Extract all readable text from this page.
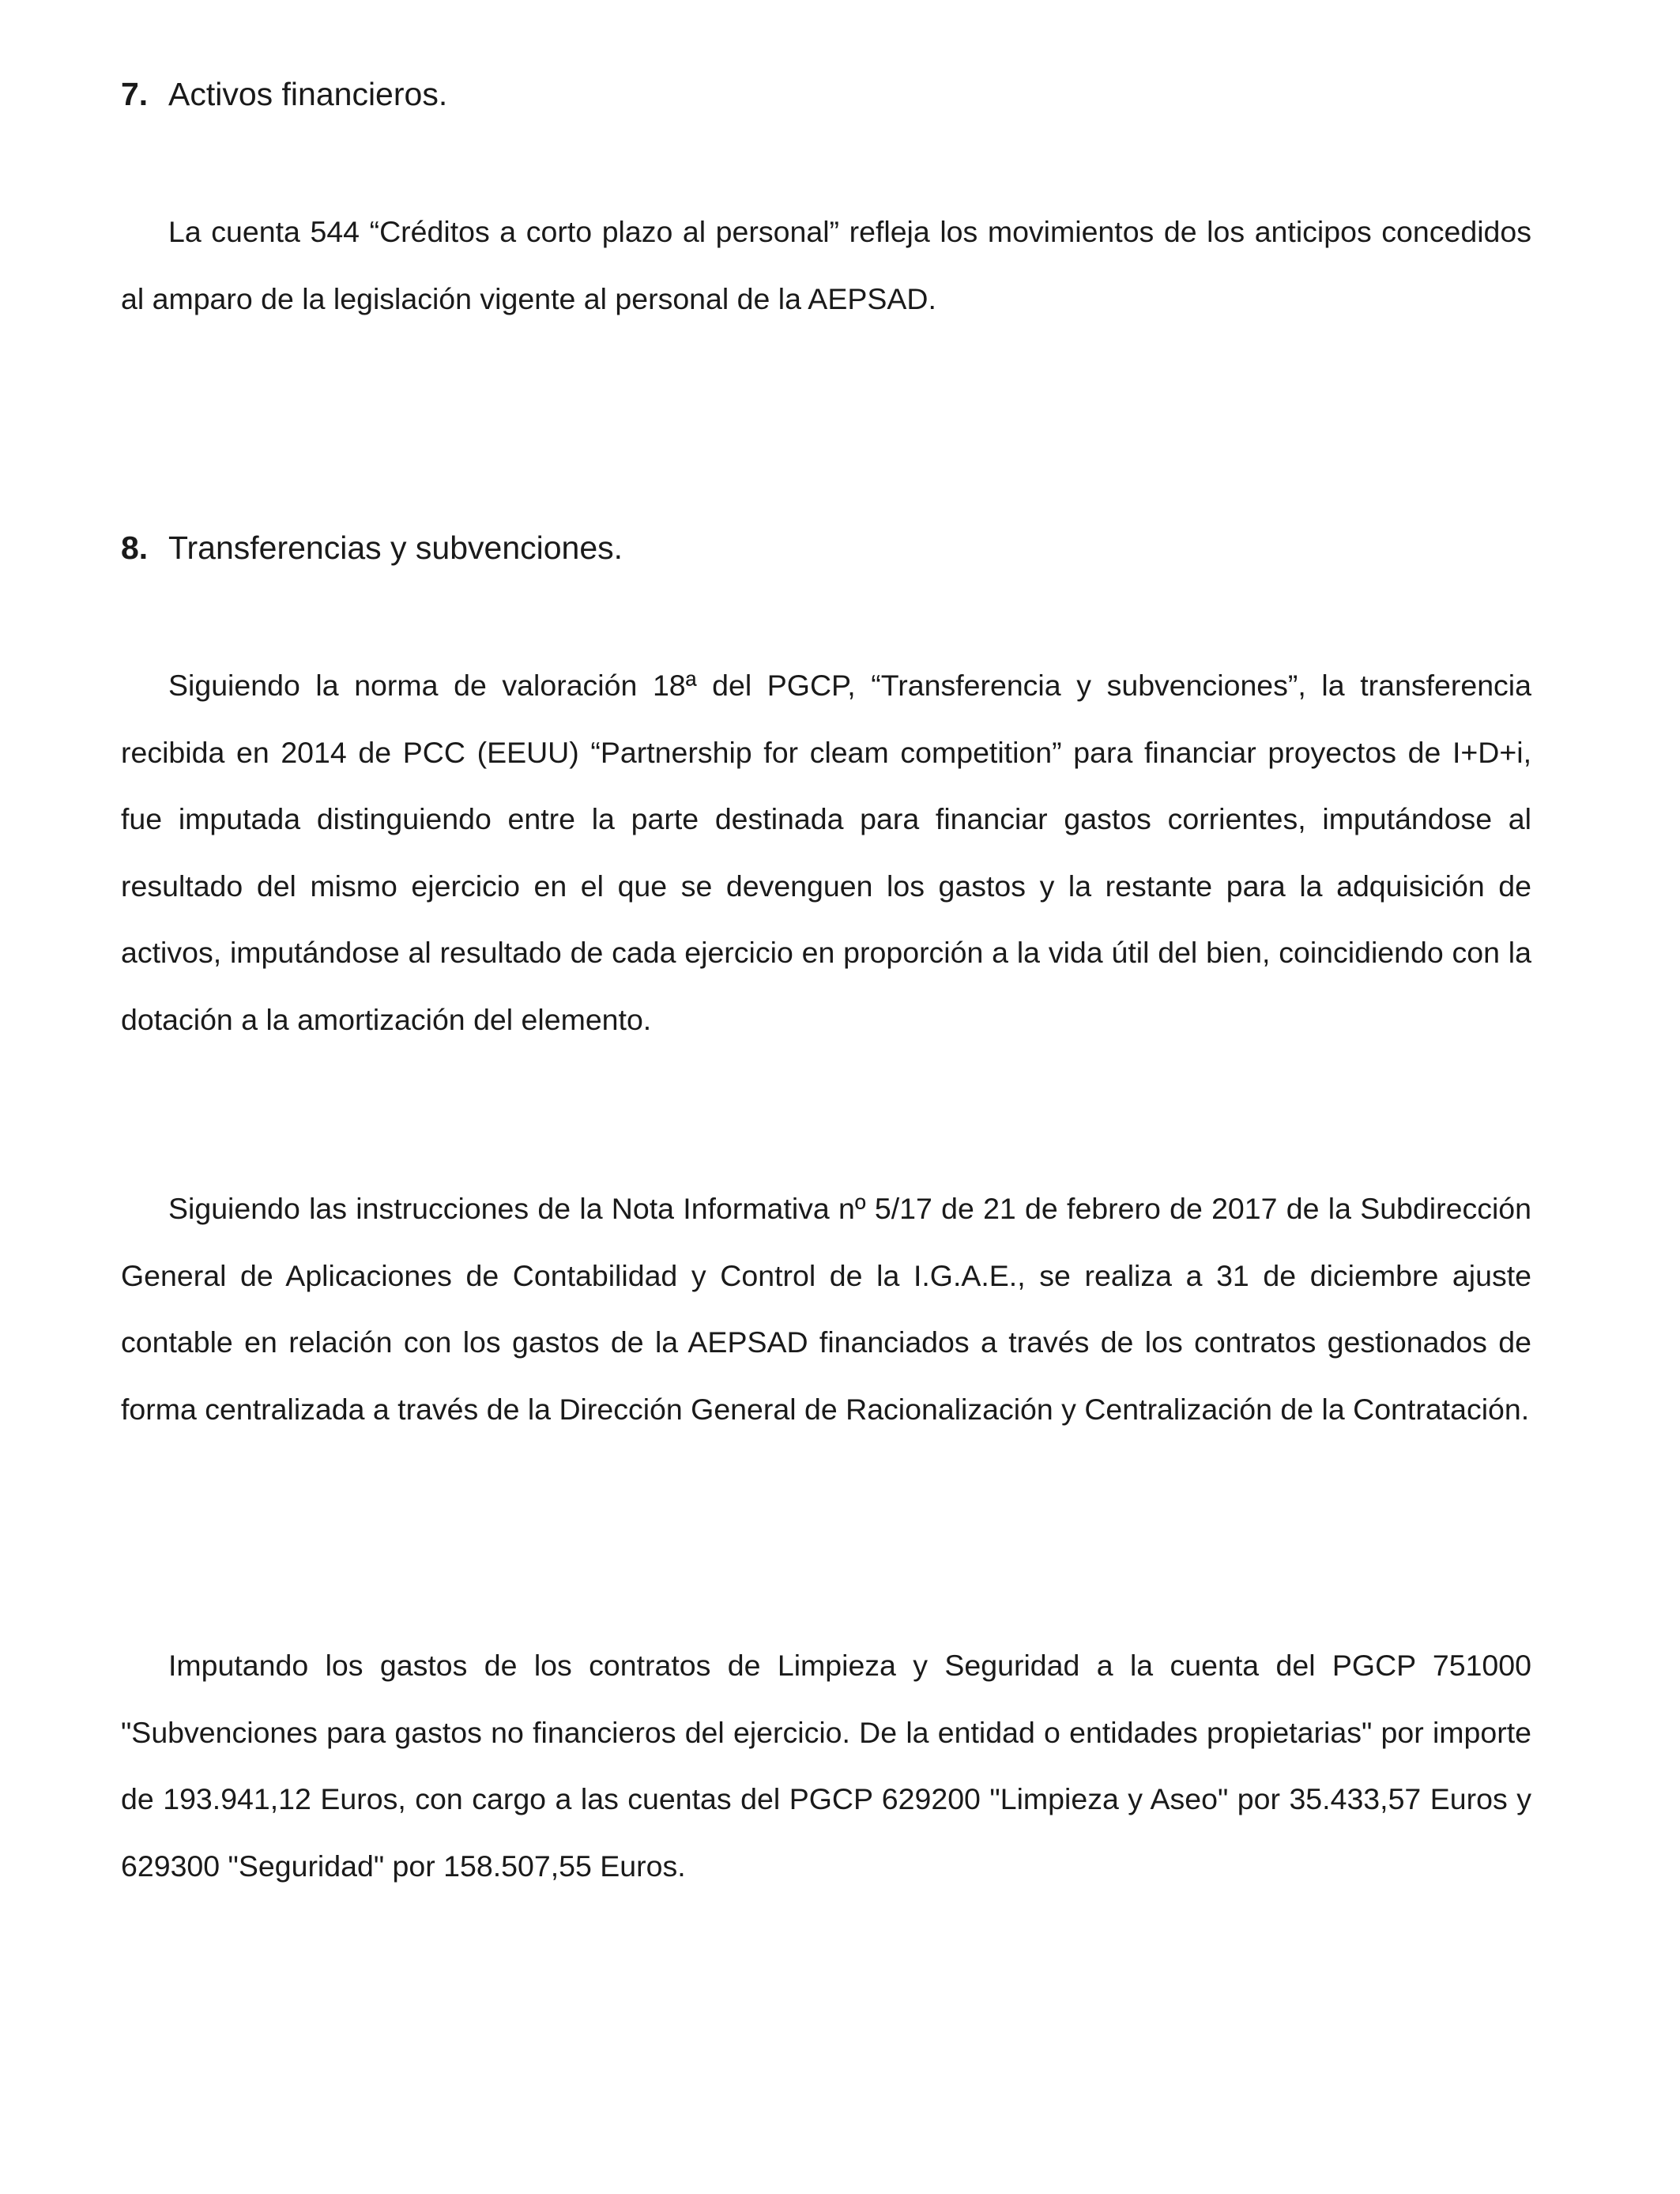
7. Activos financieros.

La cuenta 544 “Créditos a corto plazo al personal” refleja los movimientos de los anticipos concedidos al amparo de la legislación vigente al personal de la AEPSAD.

8. Transferencias y subvenciones.

Siguiendo la norma de valoración 18ª del PGCP, “Transferencia y subvenciones”, la transferencia recibida en 2014 de PCC (EEUU) “Partnership for cleam competition” para financiar proyectos de I+D+i, fue imputada distinguiendo entre la parte destinada para financiar gastos corrientes, imputándose al resultado del mismo ejercicio en el que se devenguen los gastos y la restante para la adquisición de activos, imputándose al resultado de cada ejercicio en proporción a la vida útil del bien, coincidiendo con la dotación a la amortización del elemento.

Siguiendo las instrucciones de la Nota Informativa nº 5/17 de 21 de febrero de 2017 de la Subdirección General de Aplicaciones de Contabilidad y Control de la I.G.A.E., se realiza a 31 de diciembre ajuste contable en relación con los gastos de la AEPSAD financiados a través de los contratos gestionados de forma centralizada a través de la Dirección General de Racionalización y Centralización de la Contratación.

Imputando los gastos de los contratos de Limpieza y Seguridad a la cuenta del PGCP 751000 "Subvenciones para gastos no financieros del ejercicio. De la entidad o entidades propietarias" por importe de 193.941,12 Euros, con cargo a las cuentas del PGCP 629200 "Limpieza y Aseo" por 35.433,57 Euros y 629300 "Seguridad" por 158.507,55 Euros.
